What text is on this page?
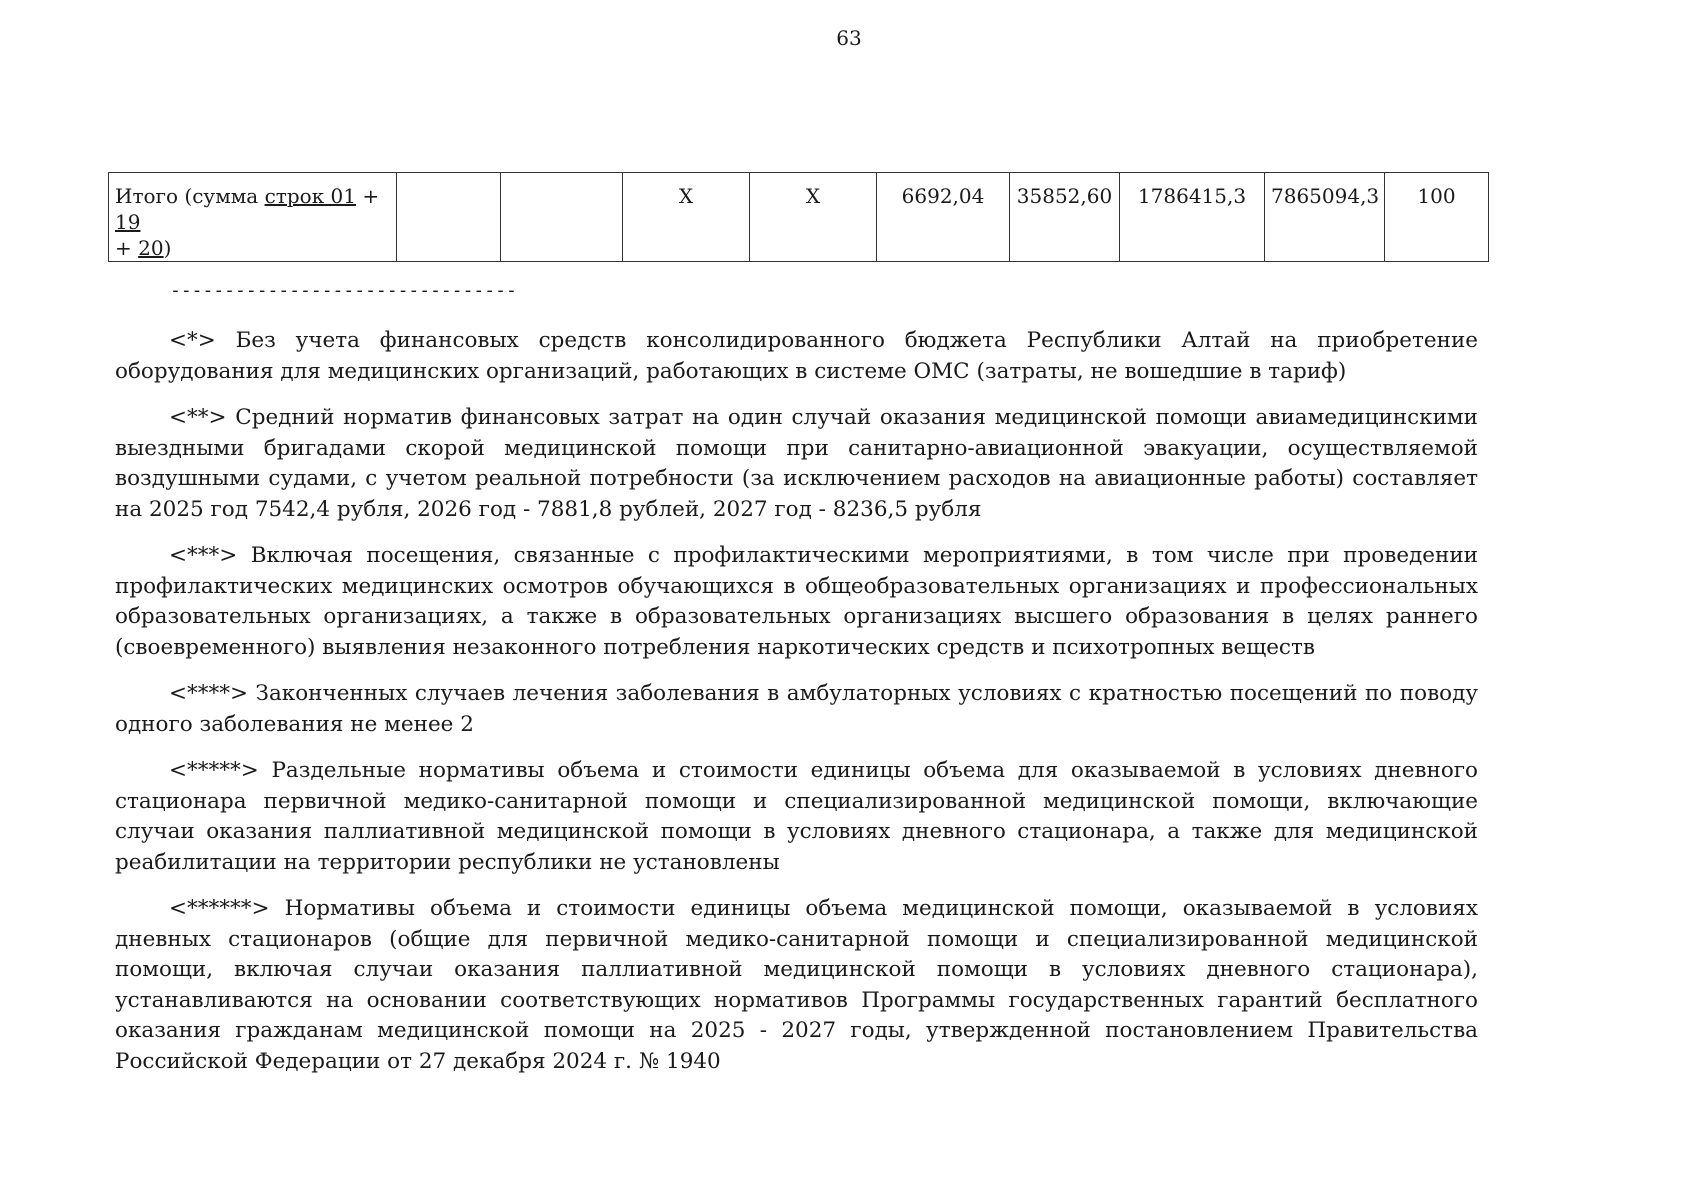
63
Итого (сумма строк 01 + 19
+ 20)			Х	Х	6692,04	35852,60	1786415,3	7865094,3	100
--------------------------------

<*> Без учета финансовых средств консолидированного бюджета Республики Алтай на приобретение оборудования для медицинских организаций, работающих в системе ОМС (затраты, не вошедшие в тариф)

<**> Средний норматив финансовых затрат на один случай оказания медицинской помощи авиамедицинскими выездными бригадами скорой медицинской помощи при санитарно-авиационной эвакуации, осуществляемой воздушными судами, с учетом реальной потребности (за исключением расходов на авиационные работы) составляет на 2025 год 7542,4 рубля, 2026 год - 7881,8 рублей, 2027 год - 8236,5 рубля

<***> Включая посещения, связанные с профилактическими мероприятиями, в том числе при проведении профилактических медицинских осмотров обучающихся в общеобразовательных организациях и профессиональных образовательных организациях, а также в образовательных организациях высшего образования в целях раннего (своевременного) выявления незаконного потребления наркотических средств и психотропных веществ

<****> Законченных случаев лечения заболевания в амбулаторных условиях с кратностью посещений по поводу одного заболевания не менее 2

<*****> Раздельные нормативы объема и стоимости единицы объема для оказываемой в условиях дневного стационара первичной медико-санитарной помощи и специализированной медицинской помощи, включающие случаи оказания паллиативной медицинской помощи в условиях дневного стационара, а также для медицинской реабилитации на территории республики не установлены

<******> Нормативы объема и стоимости единицы объема медицинской помощи, оказываемой в условиях дневных стационаров (общие для первичной медико-санитарной помощи и специализированной медицинской помощи, включая случаи оказания паллиативной медицинской помощи в условиях дневного стационара), устанавливаются на основании соответствующих нормативов Программы государственных гарантий бесплатного оказания гражданам медицинской помощи на 2025 - 2027 годы, утвержденной постановлением Правительства Российской Федерации от 27 декабря 2024 г. № 1940
